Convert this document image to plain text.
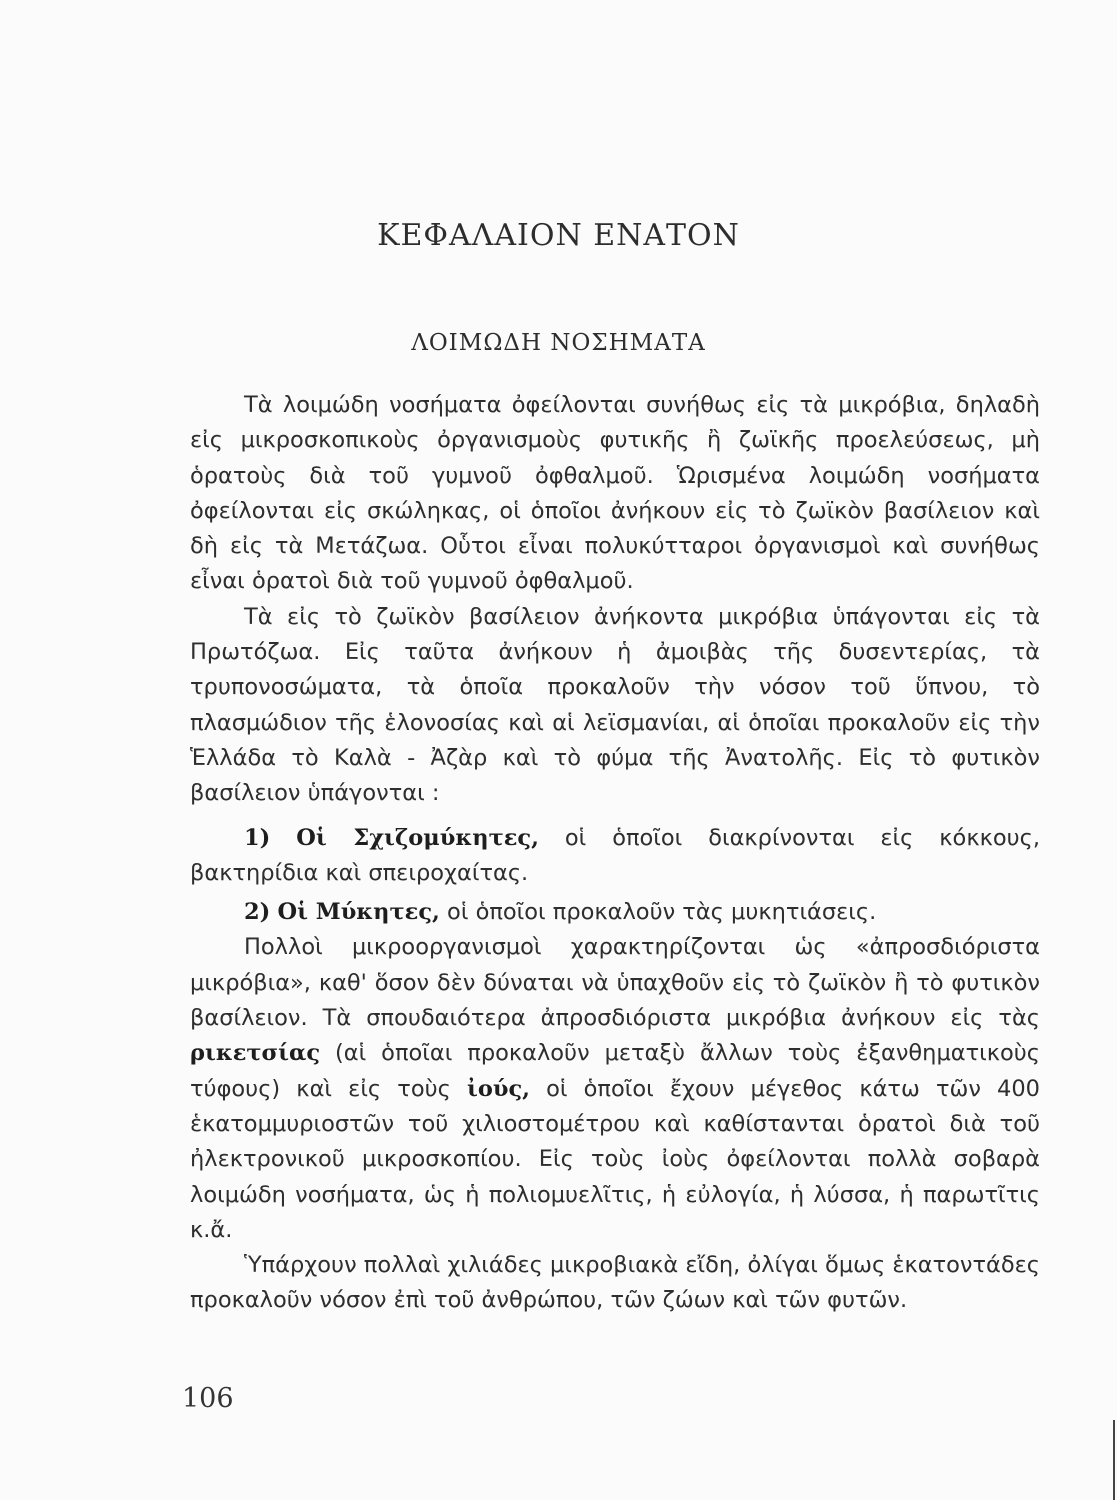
ΚΕΦΑΛΑΙΟΝ ΕΝΑΤΟΝ
ΛΟΙΜΩΔΗ ΝΟΣΗΜΑΤΑ

Τὰ λοιμώδη νοσήματα ὀφείλονται συνήθως εἰς τὰ μικρόβια, δηλαδὴ εἰς μικροσκοπικοὺς ὀργανισμοὺς φυτικῆς ἢ ζωϊκῆς προελεύσεως, μὴ ὁρατοὺς διὰ τοῦ γυμνοῦ ὀφθαλμοῦ. Ὡρισμένα λοιμώδη νοσήματα ὀφείλονται εἰς σκώληκας, οἱ ὁποῖοι ἀνήκουν εἰς τὸ ζωϊκὸν βασίλειον καὶ δὴ εἰς τὰ Μετάζωα. Οὗτοι εἶναι πολυκύτταροι ὀργανισμοὶ καὶ συνήθως εἶναι ὁρατοὶ διὰ τοῦ γυμνοῦ ὀφθαλμοῦ.

Τὰ εἰς τὸ ζωϊκὸν βασίλειον ἀνήκοντα μικρόβια ὑπάγονται εἰς τὰ Πρωτόζωα. Εἰς ταῦτα ἀνήκουν ἡ ἀμοιβὰς τῆς δυσεντερίας, τὰ τρυπονοσώματα, τὰ ὁποῖα προκαλοῦν τὴν νόσον τοῦ ὕπνου, τὸ πλασμώδιον τῆς ἑλονοσίας καὶ αἱ λεϊσμανίαι, αἱ ὁποῖαι προκαλοῦν εἰς τὴν Ἑλλάδα τὸ Καλὰ - Ἀζὰρ καὶ τὸ φύμα τῆς Ἀνατολῆς. Εἰς τὸ φυτικὸν βασίλειον ὑπάγονται :

1) Οἱ Σχιζομύκητες, οἱ ὁποῖοι διακρίνονται εἰς κόκκους, βακτηρίδια καὶ σπειροχαίτας.

2) Οἱ Μύκητες, οἱ ὁποῖοι προκαλοῦν τὰς μυκητιάσεις.

Πολλοὶ μικροοργανισμοὶ χαρακτηρίζονται ὡς «ἀπροσδιόριστα μικρόβια», καθ' ὅσον δὲν δύναται νὰ ὑπαχθοῦν εἰς τὸ ζωϊκὸν ἢ τὸ φυτικὸν βασίλειον. Τὰ σπουδαιότερα ἀπροσδιόριστα μικρόβια ἀνήκουν εἰς τὰς ρικετσίας (αἱ ὁποῖαι προκαλοῦν μεταξὺ ἄλλων τοὺς ἐξανθηματικοὺς τύφους) καὶ εἰς τοὺς ἰούς, οἱ ὁποῖοι ἔχουν μέγεθος κάτω τῶν 400 ἑκατομμυριοστῶν τοῦ χιλιοστομέτρου καὶ καθίστανται ὁρατοὶ διὰ τοῦ ἠλεκτρονικοῦ μικροσκοπίου. Εἰς τοὺς ἰοὺς ὀφείλονται πολλὰ σοβαρὰ λοιμώδη νοσήματα, ὡς ἡ πολιομυελῖτις, ἡ εὐλογία, ἡ λύσσα, ἡ παρωτῖτις κ.ἄ.

Ὑπάρχουν πολλαὶ χιλιάδες μικροβιακὰ εἴδη, ὀλίγαι ὅμως ἑκατοντάδες προκαλοῦν νόσον ἐπὶ τοῦ ἀνθρώπου, τῶν ζώων καὶ τῶν φυτῶν.

106
